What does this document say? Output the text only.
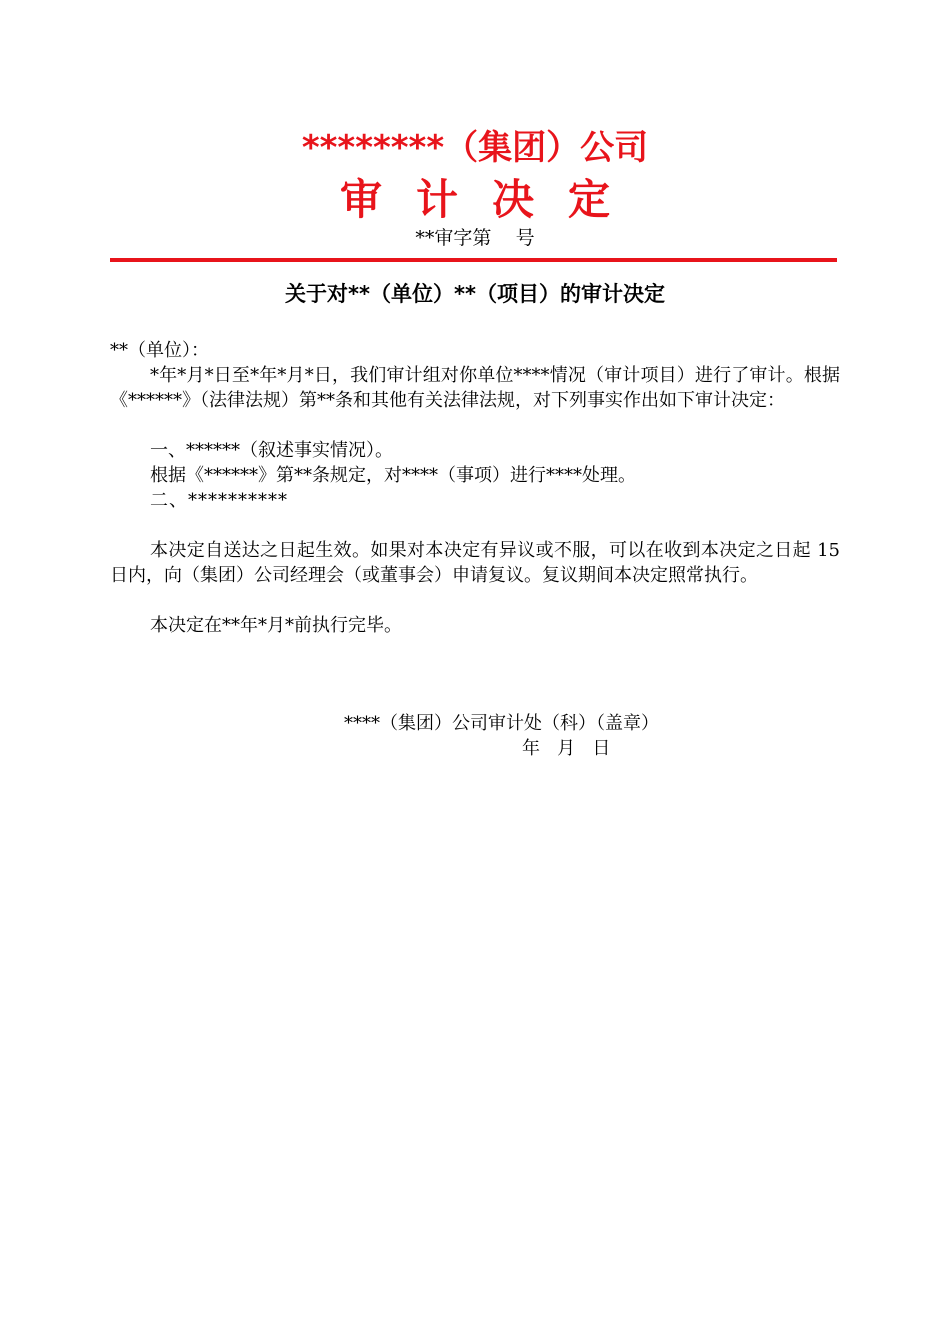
********（集团）公司
审计决定
**审字第    号
关于对**（单位）**（项目）的审计决定
**（单位）：
*年*月*日至*年*月*日，我们审计组对你单位****情况（审计项目）进行了审计。根据《******》（法律法规）第**条和其他有关法律法规，对下列事实作出如下审计决定：
一、******（叙述事实情况）。
根据《******》第**条规定，对****（事项）进行****处理。
二、**********
本决定自送达之日起生效。如果对本决定有异议或不服，可以在收到本决定之日起 15 日内，向（集团）公司经理会（或董事会）申请复议。复议期间本决定照常执行。
本决定在**年*月*前执行完毕。
****（集团）公司审计处（科）（盖章）
年   月   日
